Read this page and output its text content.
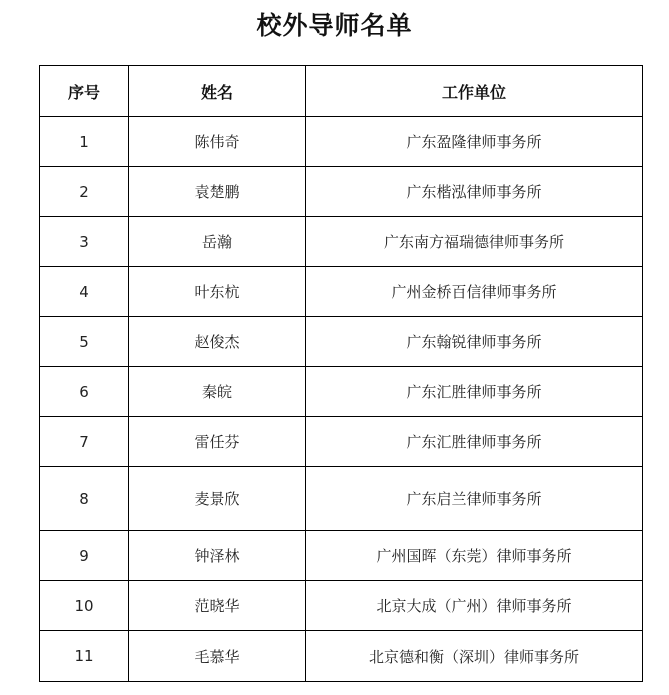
校外导师名单
序号	姓名	工作单位
1	陈伟奇	广东盈隆律师事务所
2	袁楚鹏	广东楷泓律师事务所
3	岳瀚	广东南方福瑞德律师事务所
4	叶东杭	广州金桥百信律师事务所
5	赵俊杰	广东翰锐律师事务所
6	秦皖	广东汇胜律师事务所
7	雷任芬	广东汇胜律师事务所
8	麦景欣	广东启兰律师事务所
9	钟泽林	广州国晖（东莞）律师事务所
10	范晓华	北京大成（广州）律师事务所
11	毛慕华	北京德和衡（深圳）律师事务所
